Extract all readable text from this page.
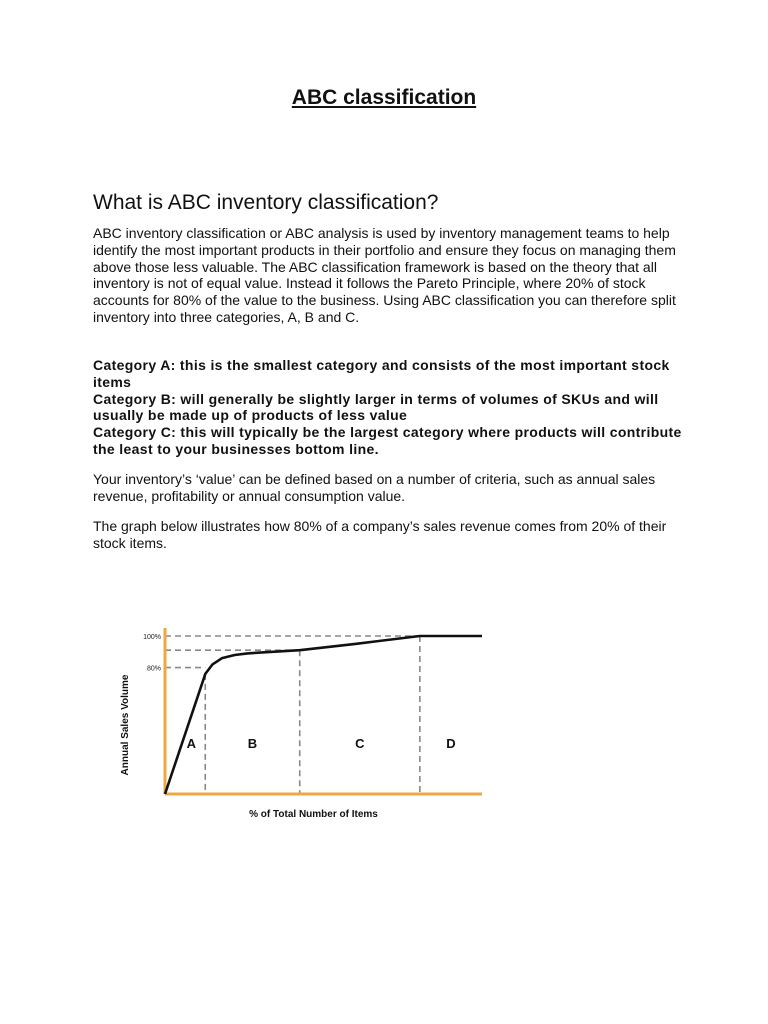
ABC classification
What is ABC inventory classification?

ABC inventory classification or ABC analysis is used by inventory management teams to help identify the most important products in their portfolio and ensure they focus on managing them above those less valuable. The ABC classification framework is based on the theory that all inventory is not of equal value. Instead it follows the Pareto Principle, where 20% of stock accounts for 80% of the value to the business. Using ABC classification you can therefore split inventory into three categories, A, B and C.

Category A: this is the smallest category and consists of the most important stock items
Category B: will generally be slightly larger in terms of volumes of SKUs and will usually be made up of products of less value
Category C: this will typically be the largest category where products will contribute the least to your businesses bottom line.

Your inventory’s ‘value’ can be defined based on a number of criteria, such as annual sales revenue, profitability or annual consumption value.

The graph below illustrates how 80% of a company’s sales revenue comes from 20% of their stock items.

100%
80%
A	B	C	D
% of Total Number of Items
Annual Sales Volume
